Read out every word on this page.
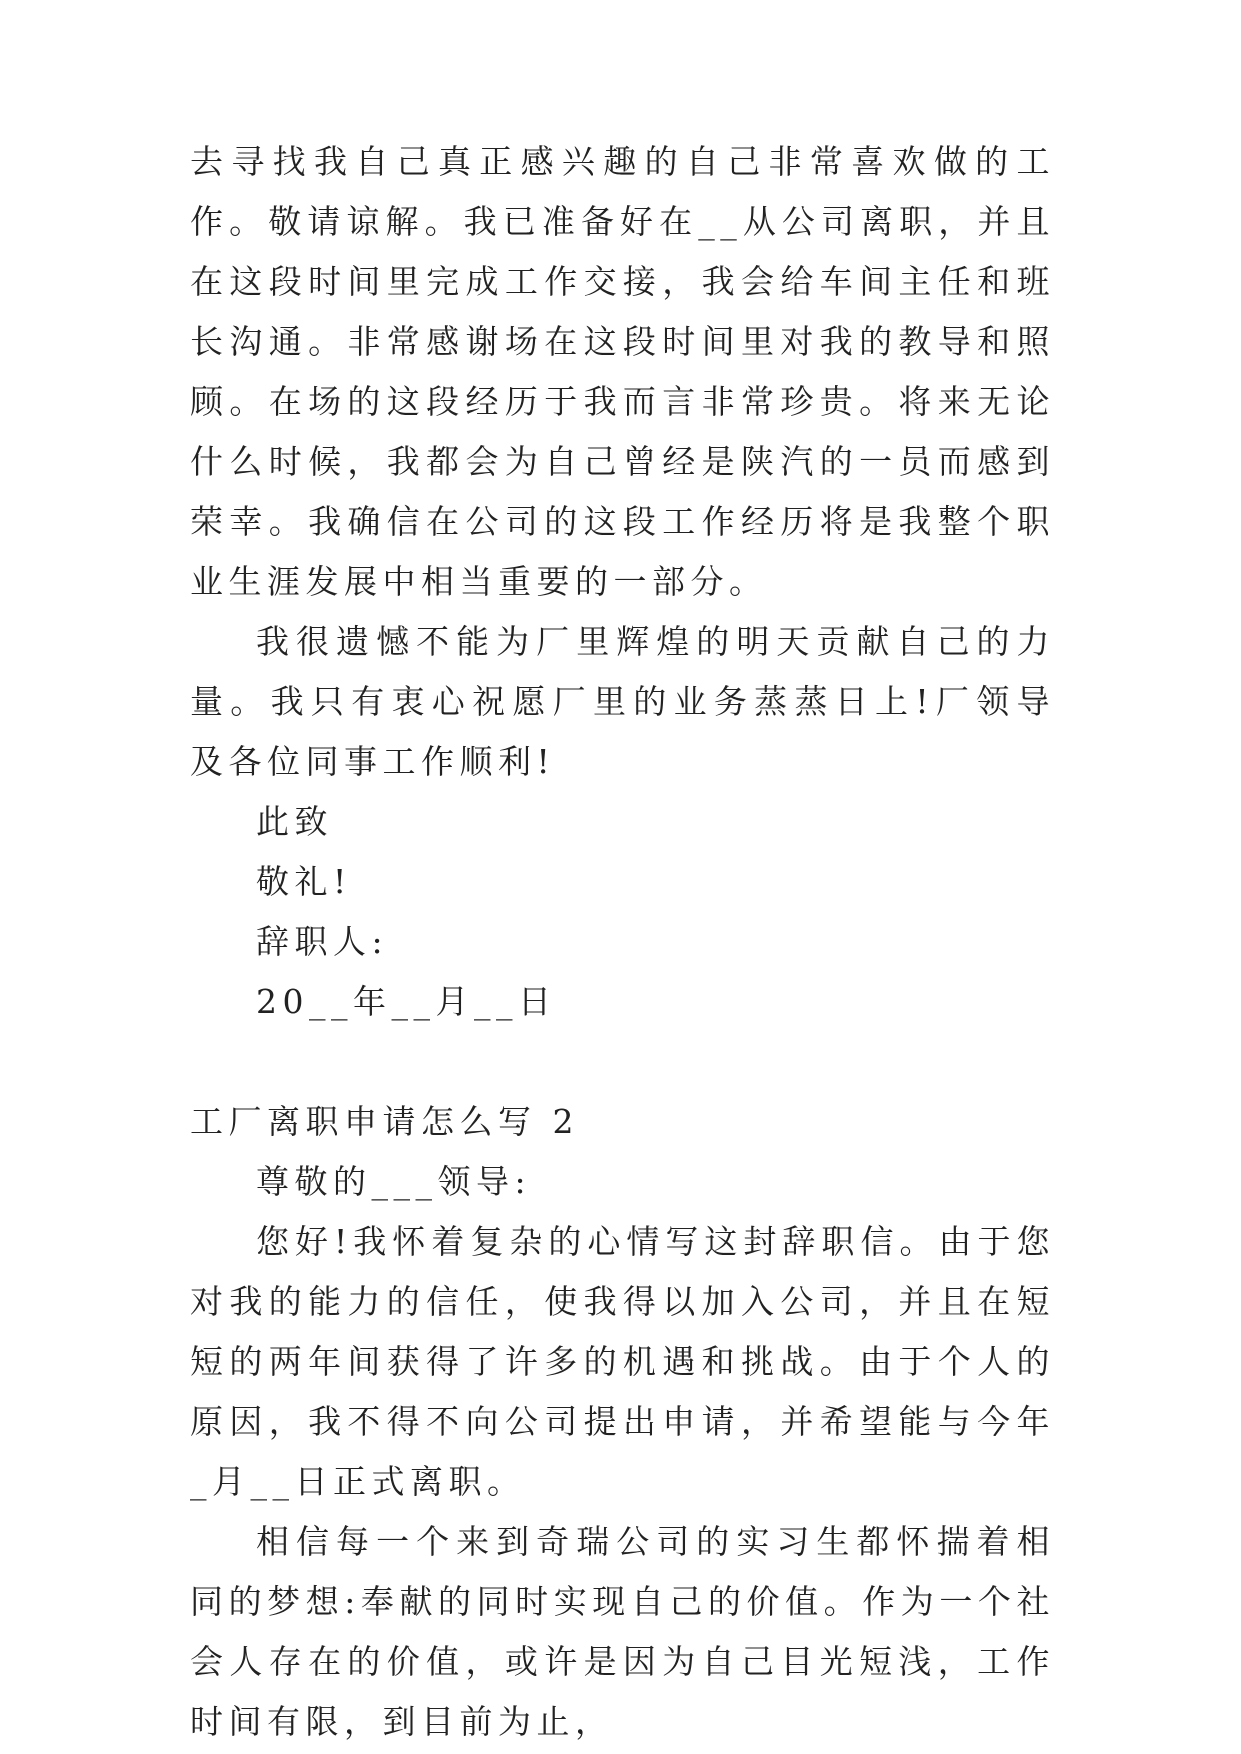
去寻找我自己真正感兴趣的自己非常喜欢做的工作。敬请谅解。我已准备好在__从公司离职，并且在这段时间里完成工作交接，我会给车间主任和班长沟通。非常感谢场在这段时间里对我的教导和照顾。在场的这段经历于我而言非常珍贵。将来无论什么时候，我都会为自己曾经是陕汽的一员而感到荣幸。我确信在公司的这段工作经历将是我整个职业生涯发展中相当重要的一部分。

我很遗憾不能为厂里辉煌的明天贡献自己的力量。我只有衷心祝愿厂里的业务蒸蒸日上!厂领导及各位同事工作顺利!

此致

敬礼!

辞职人:

20__年__月__日

工厂离职申请怎么写 2

尊敬的___领导:

您好!我怀着复杂的心情写这封辞职信。由于您对我的能力的信任，使我得以加入公司，并且在短短的两年间获得了许多的机遇和挑战。由于个人的原因，我不得不向公司提出申请，并希望能与今年_月__日正式离职。

相信每一个来到奇瑞公司的实习生都怀揣着相同的梦想:奉献的同时实现自己的价值。作为一个社会人存在的价值，或许是因为自己目光短浅，工作时间有限，到目前为止，
